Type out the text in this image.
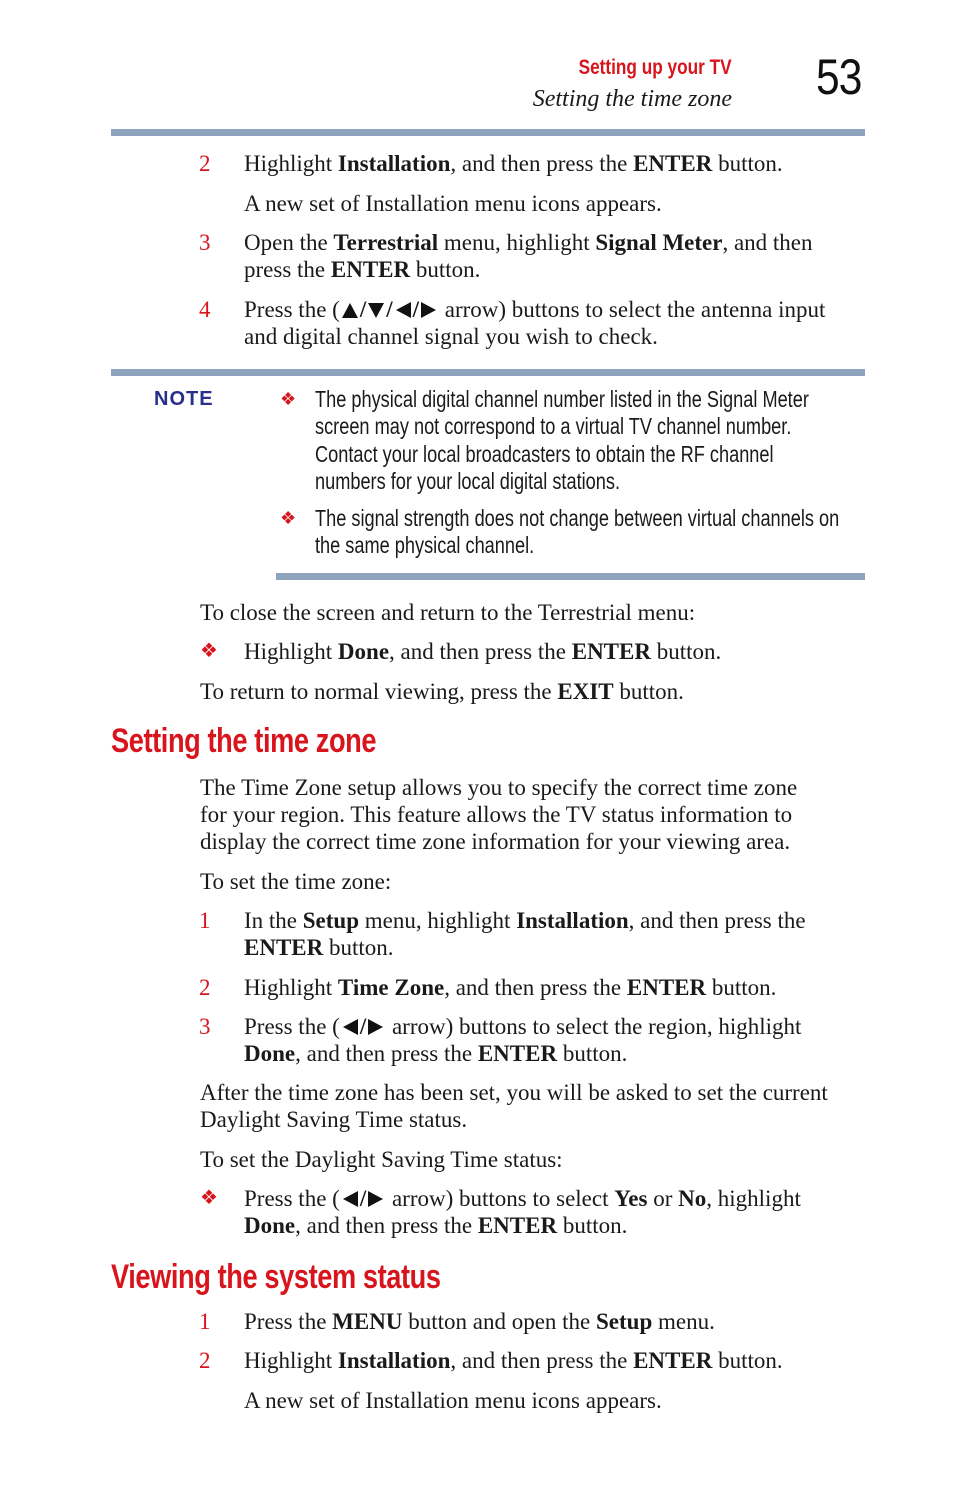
Setting up your TV
Setting the time zone 53
2 Highlight Installation, and then press the ENTER button.
A new set of Installation menu icons appears.
3 Open the Terrestrial menu, highlight Signal Meter, and then
press the ENTER button.
4 Press the ( / / / arrow) buttons to select the antenna input
and digital channel signal you wish to check.
NOTE	❖ The physical digital channel number listed in the Signal Meter
screen may not correspond to a virtual TV channel number.
Contact your local broadcasters to obtain the RF channel
numbers for your local digital stations.
❖ The signal strength does not change between virtual channels on
the same physical channel.
To close the screen and return to the Terrestrial menu:
❖ Highlight Done, and then press the ENTER button.
To return to normal viewing, press the EXIT button.
Setting the time zone
The Time Zone setup allows you to specify the correct time zone
for your region. This feature allows the TV status information to
display the correct time zone information for your viewing area.
To set the time zone:
1 In the Setup menu, highlight Installation, and then press the
ENTER button.
2 Highlight Time Zone, and then press the ENTER button.
3 Press the ( / arrow) buttons to select the region, highlight
Done, and then press the ENTER button.
After the time zone has been set, you will be asked to set the current
Daylight Saving Time status.
To set the Daylight Saving Time status:
❖ Press the ( / arrow) buttons to select Yes or No, highlight
Done, and then press the ENTER button.
Viewing the system status
1 Press the MENU button and open the Setup menu.
2 Highlight Installation, and then press the ENTER button.
A new set of Installation menu icons appears.
